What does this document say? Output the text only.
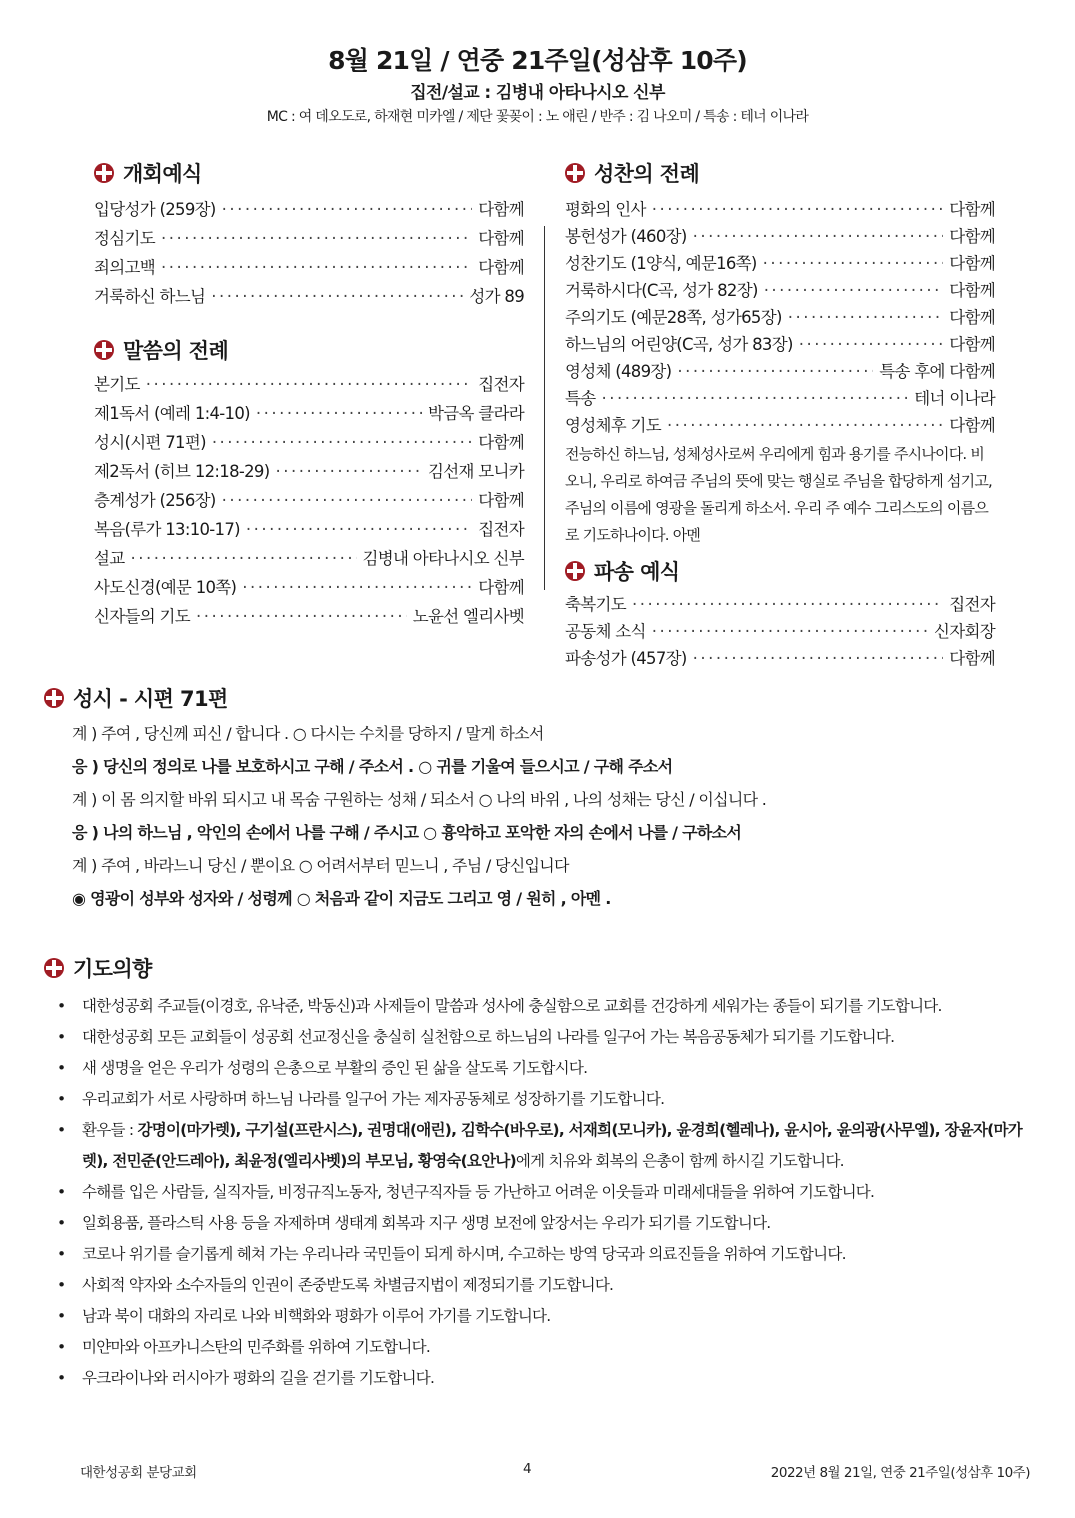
8월 21일 / 연중 21주일(성삼후 10주)
집전/설교 : 김병내 아타나시오 신부
MC : 여 데오도로, 하재현 미카엘 / 제단 꽃꽂이 : 노 애린 / 반주 : 김 나오미 / 특송 : 테너 이나라
개회예식
입당성가 (259장) ·····	다함께
정심기도 ·····	다함께
죄의고백 ·····	다함께
거룩하신 하느님 ·····	성가 89
말씀의 전례
본기도 ·····	집전자
제1독서 (예레 1:4-10) ·····	박금옥 클라라
성시(시편 71편) ·····	다함께
제2독서 (히브 12:18-29) ·····	김선재 모니카
층계성가 (256장) ·····	다함께
복음(루가 13:10-17) ·····	집전자
설교 ·····	김병내 아타나시오 신부
사도신경(예문 10쪽) ·····	다함께
신자들의 기도 ·····	노윤선 엘리사벳
성찬의 전례
평화의 인사 ·····	다함께
봉헌성가 (460장) ·····	다함께
성찬기도 (1양식, 예문16쪽) ·····	다함께
거룩하시다(C곡, 성가 82장) ·····	다함께
주의기도 (예문28쪽, 성가65장) ·····	다함께
하느님의 어린양(C곡, 성가 83장) ·····	다함께
영성체 (489장) ·····	특송 후에 다함께
특송 ·····	테너 이나라
영성체후 기도 ·····	다함께

전능하신 하느님, 성체성사로써 우리에게 힘과 용기를 주시나이다. 비오니, 우리로 하여금 주님의 뜻에 맞는 행실로 주님을 합당하게 섬기고, 주님의 이름에 영광을 돌리게 하소서. 우리 주 예수 그리스도의 이름으로 기도하나이다. 아멘

파송 예식
축복기도 ·····	집전자
공동체 소식 ·····	신자회장
파송성가 (457장) ·····	다함께
성시 - 시편 71편
계 ) 주여 , 당신께 피신 / 합니다 . ○ 다시는 수치를 당하지 / 말게 하소서
응 ) 당신의 정의로 나를 보호하시고 구해 / 주소서 . ○ 귀를 기울여 들으시고 / 구해 주소서
계 ) 이 몸 의지할 바위 되시고 내 목숨 구원하는 성채 / 되소서 ○ 나의 바위 , 나의 성채는 당신 / 이십니다 .
응 ) 나의 하느님 , 악인의 손에서 나를 구해 / 주시고 ○ 흉악하고 포악한 자의 손에서 나를 / 구하소서
계 ) 주여 , 바라느니 당신 / 뿐이요 ○ 어려서부터 믿느니 , 주님 / 당신입니다
◉ 영광이 성부와 성자와 / 성령께 ○ 처음과 같이 지금도 그리고 영 / 원히 , 아멘 .
기도의향
• 대한성공회 주교들(이경호, 유낙준, 박동신)과 사제들이 말씀과 성사에 충실함으로 교회를 건강하게 세워가는 종들이 되기를 기도합니다.
• 대한성공회 모든 교회들이 성공회 선교정신을 충실히 실천함으로 하느님의 나라를 일구어 가는 복음공동체가 되기를 기도합니다.
• 새 생명을 얻은 우리가 성령의 은총으로 부활의 증인 된 삶을 살도록 기도합시다.
• 우리교회가 서로 사랑하며 하느님 나라를 일구어 가는 제자공동체로 성장하기를 기도합니다.
• 환우들 : 강명이(마가렛), 구기설(프란시스), 권명대(애린), 김학수(바우로), 서재희(모니카), 윤경희(헬레나), 윤시아, 윤의광(사무엘), 장윤자(마가렛), 전민준(안드레아), 최윤정(엘리사벳)의 부모님, 황영숙(요안나)에게 치유와 회복의 은총이 함께 하시길 기도합니다.
• 수해를 입은 사람들, 실직자들, 비정규직노동자, 청년구직자들 등 가난하고 어려운 이웃들과 미래세대들을 위하여 기도합니다.
• 일회용품, 플라스틱 사용 등을 자제하며 생태계 회복과 지구 생명 보전에 앞장서는 우리가 되기를 기도합니다.
• 코로나 위기를 슬기롭게 헤쳐 가는 우리나라 국민들이 되게 하시며, 수고하는 방역 당국과 의료진들을 위하여 기도합니다.
• 사회적 약자와 소수자들의 인권이 존중받도록 차별금지법이 제정되기를 기도합니다.
• 남과 북이 대화의 자리로 나와 비핵화와 평화가 이루어 가기를 기도합니다.
• 미얀마와 아프카니스탄의 민주화를 위하여 기도합니다.
• 우크라이나와 러시아가 평화의 길을 걷기를 기도합니다.
대한성공회 분당교회	4	2022년 8월 21일, 연중 21주일(성삼후 10주)
